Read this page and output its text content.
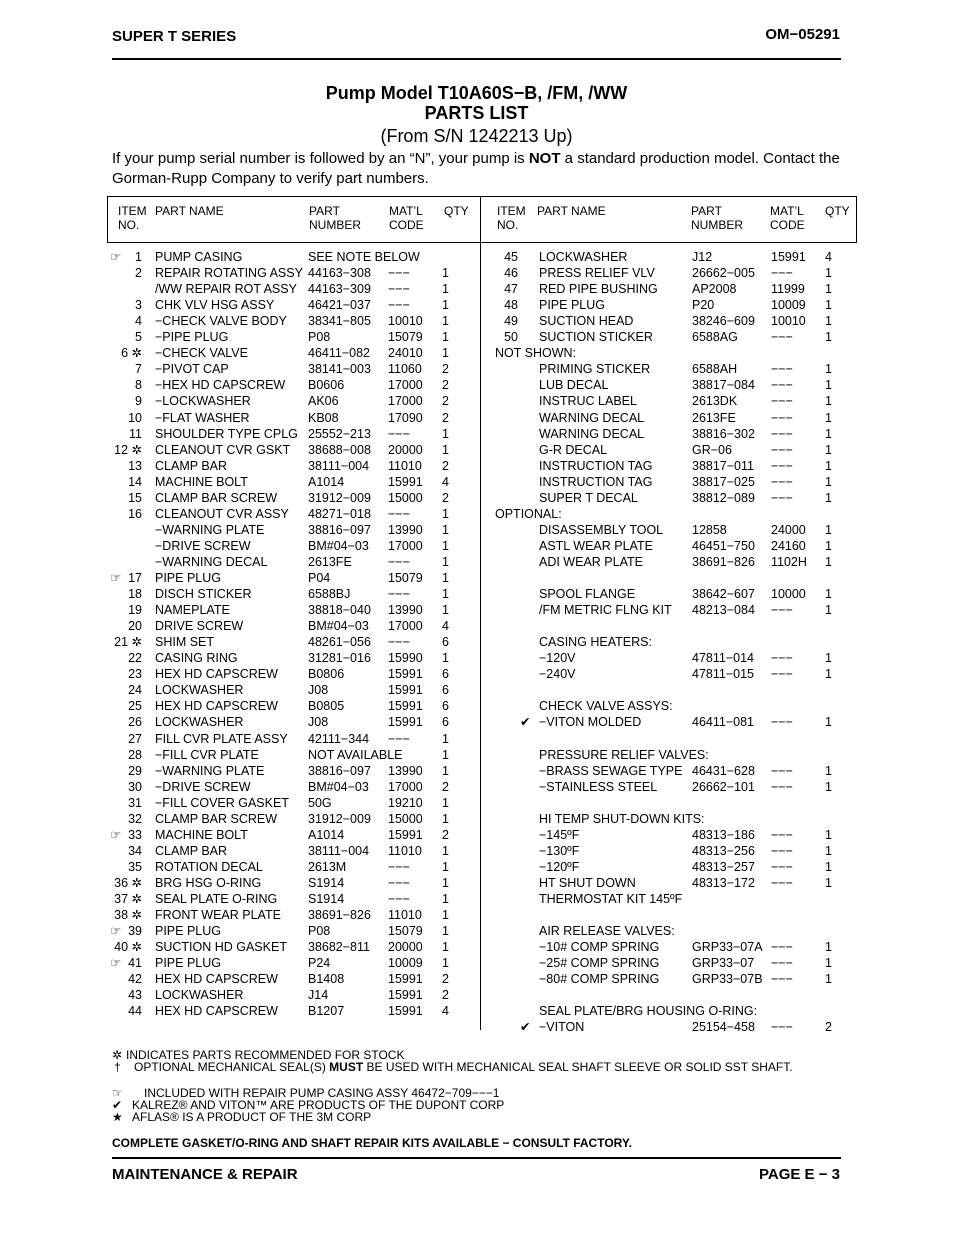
SUPER T SERIES	OM−05291
Pump Model T10A60S−B, /FM, /WW
PARTS LIST
(From S/N 1242213 Up)
If your pump serial number is followed by an “N”, your pump is NOT a standard production model. Contact the Gorman-Rupp Company to verify part numbers.
ITEM
NO.
PART NAME	PART
NUMBER
MAT’L
CODE
QTY ITEM
NO.
PART NAME	PART
NUMBER
MAT’L
CODE
QTY
☞	1 PUMP CASING	SEE NOTE BELOW
2 REPAIR ROTATING ASSY 44163−308 −−−	1
/WW REPAIR ROT ASSY 44163−309 −−−	1
3 CHK VLV HSG ASSY	46421−037 −−−	1
4 −CHECK VALVE BODY 38341−805 10010 1
5 −PIPE PLUG	P08	15079 1
6 ✲ −CHECK VALVE	46411−082 24010 1
7 −PIVOT CAP	38141−003 11060 2
8 −HEX HD CAPSCREW B0606	17000 2
9 −LOCKWASHER	AK06	17000 2
10 −FLAT WASHER	KB08	17090 2
11 SHOULDER TYPE CPLG 25552−213 −−−	1
12 ✲ CLEANOUT CVR GSKT 38688−008 20000 1
13 CLAMP BAR	38111−004 11010 2
14 MACHINE BOLT	A1014	15991 4
15 CLAMP BAR SCREW 31912−009 15000 2
16 CLEANOUT CVR ASSY 48271−018 −−−	1
−WARNING PLATE	38816−097 13990 1
−DRIVE SCREW	BM#04−03 17000 1
−WARNING DECAL	2613FE	−−−	1
☞ 17 PIPE PLUG	P04	15079 1
18 DISCH STICKER	6588BJ	−−−	1
19 NAMEPLATE	38818−040 13990 1
20 DRIVE SCREW	BM#04−03 17000 4
21 ✲ SHIM SET	48261−056 −−−	6
22 CASING RING	31281−016 15990 1
23 HEX HD CAPSCREW B0806	15991 6
24 LOCKWASHER	J08	15991 6
25 HEX HD CAPSCREW B0805	15991 6
26 LOCKWASHER	J08	15991 6
27 FILL CVR PLATE ASSY 42111−344 −−−	1
28 −FILL CVR PLATE	NOT AVAILABLE	1
29 −WARNING PLATE	38816−097 13990 1
30 −DRIVE SCREW	BM#04−03 17000 2
31 −FILL COVER GASKET 50G	19210 1
32 CLAMP BAR SCREW 31912−009 15000 1
☞ 33 MACHINE BOLT	A1014	15991 2
34 CLAMP BAR	38111−004 11010 1
35 ROTATION DECAL	2613M	−−−	1
36 ✲ BRG HSG O-RING	S1914	−−−	1
37 ✲ SEAL PLATE O-RING S1914	−−−	1
38 ✲ FRONT WEAR PLATE 38691−826 11010 1
☞ 39 PIPE PLUG	P08	15079 1
40 ✲ SUCTION HD GASKET 38682−811 20000 1
☞ 41 PIPE PLUG	P24	10009 1
42 HEX HD CAPSCREW B1408	15991 2
43 LOCKWASHER	J14	15991 2
44 HEX HD CAPSCREW B1207	15991 4
45 LOCKWASHER	J12	15991 4
46 PRESS RELIEF VLV	26662−005 −−−	1
47 RED PIPE BUSHING	AP2008	11999 1
48 PIPE PLUG	P20	10009 1
49 SUCTION HEAD	38246−609 10010 1
50 SUCTION STICKER	6588AG	−−−	1
NOT SHOWN:
PRIMING STICKER	6588AH	−−−	1
LUB DECAL	38817−084 −−−	1
INSTRUC LABEL	2613DK	−−−	1
WARNING DECAL	2613FE	−−−	1
WARNING DECAL	38816−302 −−−	1
G-R DECAL	GR−06	−−−	1
INSTRUCTION TAG	38817−011 −−−	1
INSTRUCTION TAG	38817−025 −−−	1
SUPER T DECAL	38812−089 −−−	1
OPTIONAL:
DISASSEMBLY TOOL 12858	24000 1
ASTL WEAR PLATE	46451−750 24160 1
ADI WEAR PLATE	38691−826 1102H 1
SPOOL FLANGE	38642−607 10000 1
/FM METRIC FLNG KIT 48213−084 −−−	1
CASING HEATERS:
−120V	47811−014 −−−	1
−240V	47811−015 −−−	1
CHECK VALVE ASSYS:
✔ −VITON MOLDED	46411−081 −−−	1
PRESSURE RELIEF VALVES:
−BRASS SEWAGE TYPE 46431−628 −−−	1
−STAINLESS STEEL	26662−101 −−−	1
HI TEMP SHUT-DOWN KITS:
−145ºF	48313−186 −−−	1
−130ºF	48313−256 −−−	1
−120ºF	48313−257 −−−	1
HT SHUT DOWN	48313−172 −−−	1
THERMOSTAT KIT 145ºF
AIR RELEASE VALVES:
−10# COMP SPRING	GRP33−07A −−−	1
−25# COMP SPRING	GRP33−07 −−−	1
−80# COMP SPRING	GRP33−07B −−−	1
SEAL PLATE/BRG HOUSING O-RING:
✔ −VITON	25154−458 −−−	2
✲ INDICATES PARTS RECOMMENDED FOR STOCK
† OPTIONAL MECHANICAL SEAL(S) MUST BE USED WITH MECHANICAL SEAL SHAFT SLEEVE OR SOLID SST SHAFT.
☞ INCLUDED WITH REPAIR PUMP CASING ASSY 46472−709−−−1
✔ KALREZ® AND VITON™ ARE PRODUCTS OF THE DUPONT CORP
★ AFLAS® IS A PRODUCT OF THE 3M CORP
COMPLETE GASKET/O-RING AND SHAFT REPAIR KITS AVAILABLE − CONSULT FACTORY.
MAINTENANCE & REPAIR	PAGE E − 3
